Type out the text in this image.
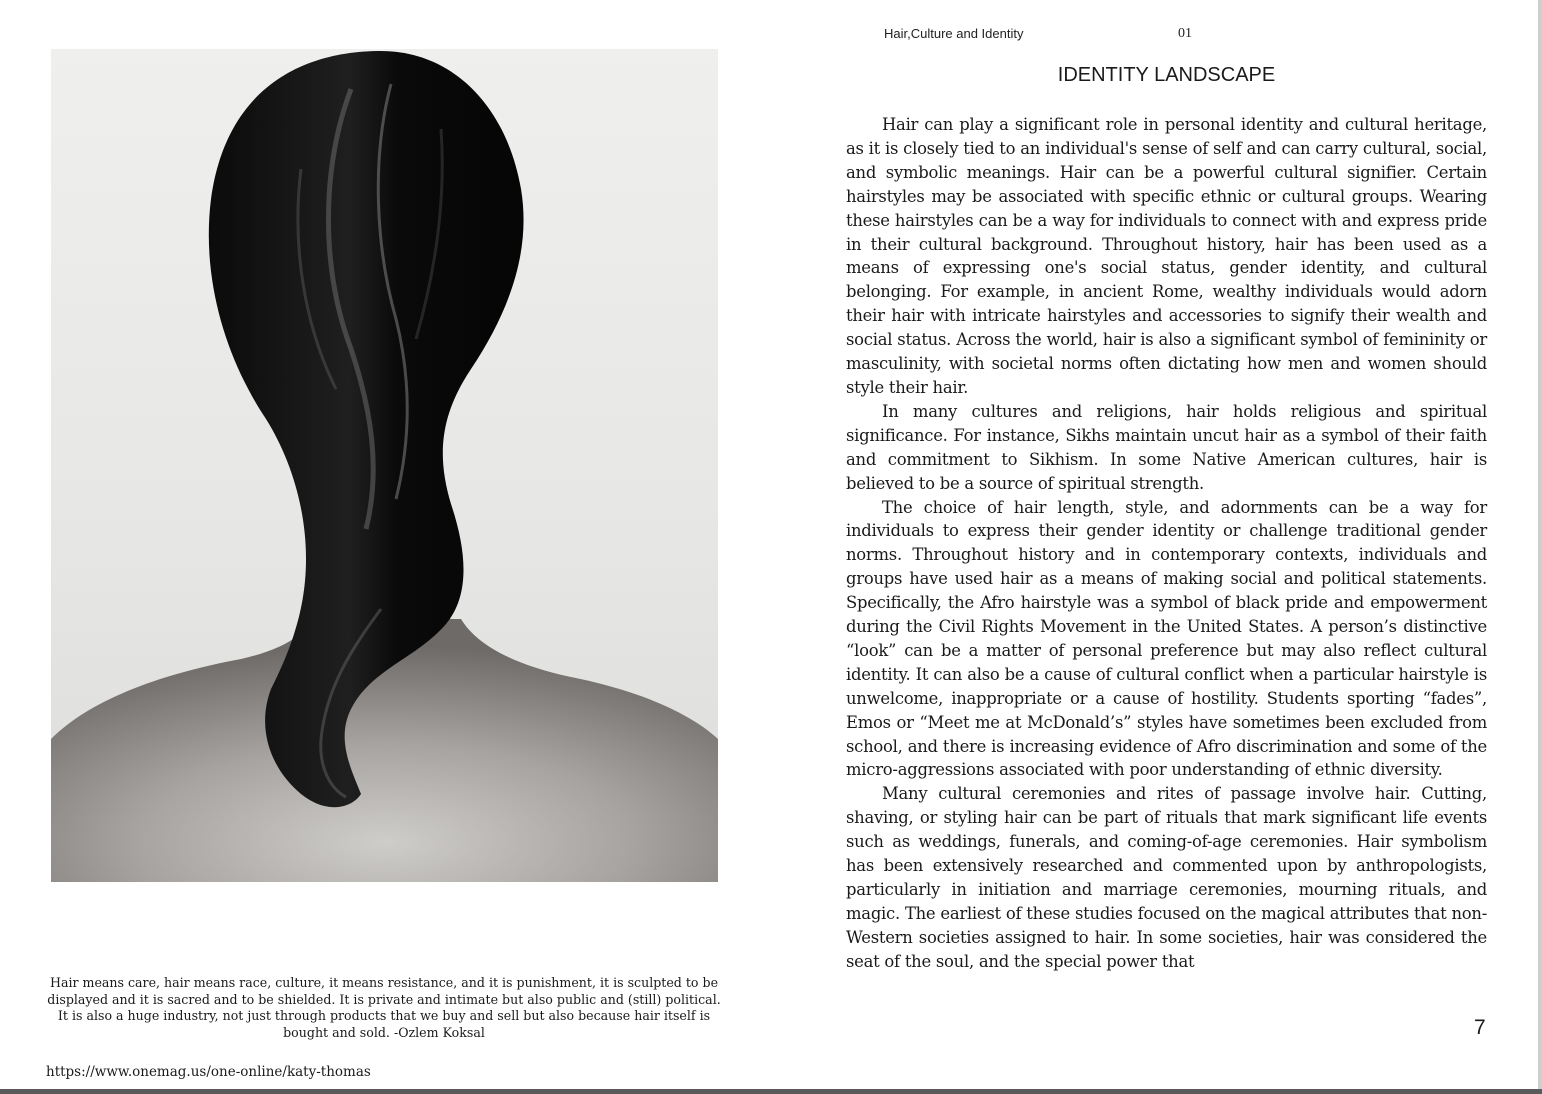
Hair means care, hair means race, culture, it means resistance, and it is punishment, it is sculpted to be displayed and it is sacred and to be shielded. It is private and intimate but also public and (still) political. It is also a huge industry, not just through products that we buy and sell but also because hair itself is bought and sold. -Ozlem Koksal

https://www.onemag.us/one-online/katy-thomas
Hair,Culture and Identity	01
IDENTITY LANDSCAPE

Hair can play a significant role in personal identity and cultural heritage, as it is closely tied to an individual's sense of self and can carry cultural, social, and symbolic meanings. Hair can be a powerful cultural signifier. Certain hairstyles may be associated with specific ethnic or cultural groups. Wearing these hairstyles can be a way for individuals to connect with and express pride in their cultural background. Throughout history, hair has been used as a means of expressing one's social status, gender identity, and cultural belonging. For example, in ancient Rome, wealthy individuals would adorn their hair with intricate hairstyles and accessories to signify their wealth and social status. Across the world, hair is also a significant symbol of femininity or masculinity, with societal norms often dictating how men and women should style their hair.

In many cultures and religions, hair holds religious and spiritual significance. For instance, Sikhs maintain uncut hair as a symbol of their faith and commitment to Sikhism. In some Native American cultures, hair is believed to be a source of spiritual strength.

The choice of hair length, style, and adornments can be a way for individuals to express their gender identity or challenge traditional gender norms. Throughout history and in contemporary contexts, individuals and groups have used hair as a means of making social and political statements. Specifically, the Afro hairstyle was a symbol of black pride and empowerment during the Civil Rights Movement in the United States. A person’s distinctive “look” can be a matter of personal preference but may also reflect cultural identity. It can also be a cause of cultural conflict when a particular hairstyle is unwelcome, inappropriate or a cause of hostility. Students sporting “fades”, Emos or “Meet me at McDonald’s” styles have sometimes been excluded from school, and there is increasing evidence of Afro discrimination and some of the micro-aggressions associated with poor understanding of ethnic diversity.

Many cultural ceremonies and rites of passage involve hair. Cutting, shaving, or styling hair can be part of rituals that mark significant life events such as weddings, funerals, and coming-of-age ceremonies. Hair symbolism has been extensively researched and commented upon by anthropologists, particularly in initiation and marriage ceremonies, mourning rituals, and magic. The earliest of these studies focused on the magical attributes that non-Western societies assigned to hair. In some societies, hair was considered the seat of the soul, and the special power that

7
